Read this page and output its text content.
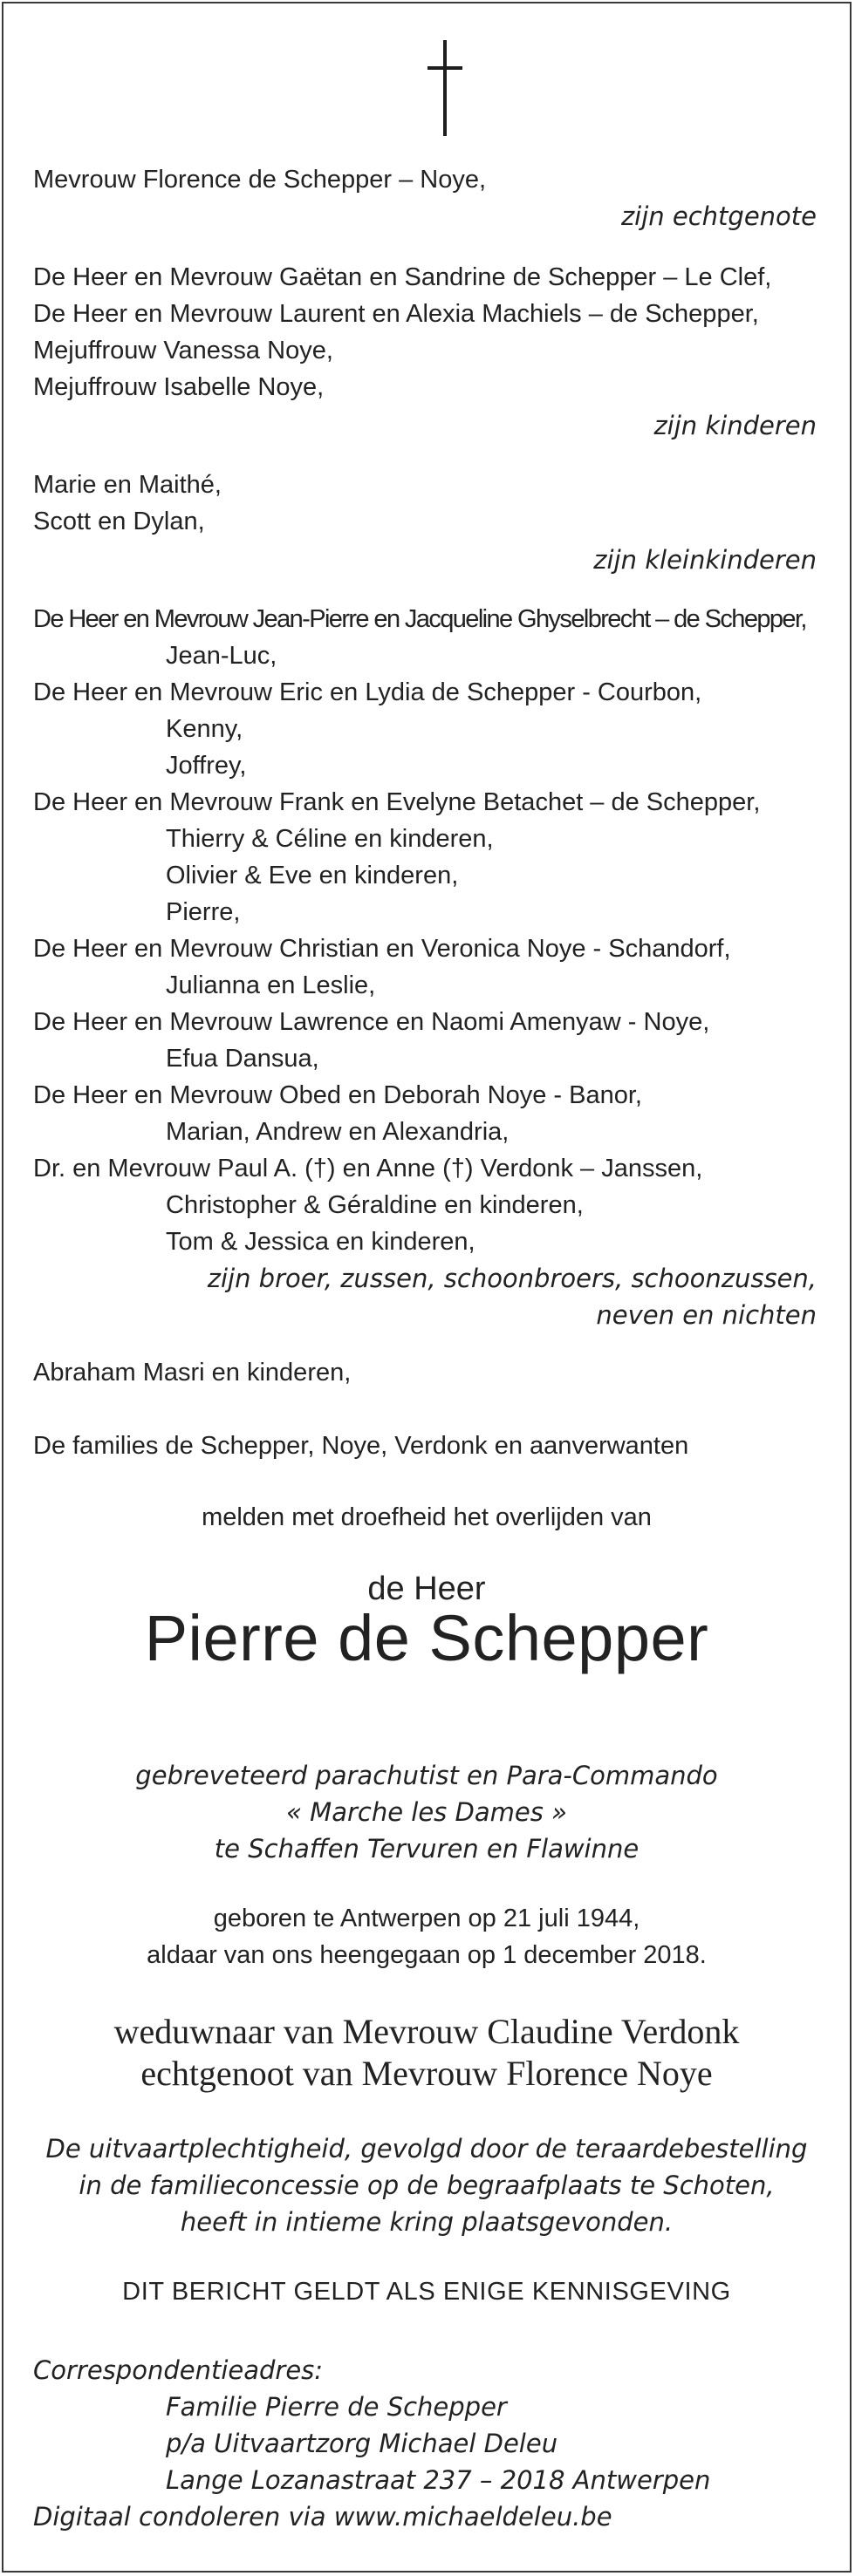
Mevrouw Florence de Schepper – Noye,
zijn echtgenote
De Heer en Mevrouw Gaëtan en Sandrine de Schepper – Le Clef,
De Heer en Mevrouw Laurent en Alexia Machiels – de Schepper,
Mejuffrouw Vanessa Noye,
Mejuffrouw Isabelle Noye,
zijn kinderen
Marie en Maithé,
Scott en Dylan,
zijn kleinkinderen
De Heer en Mevrouw Jean-Pierre en Jacqueline Ghyselbrecht – de Schepper,
Jean-Luc,
De Heer en Mevrouw Eric en Lydia de Schepper - Courbon,
Kenny,
Joffrey,
De Heer en Mevrouw Frank en Evelyne Betachet – de Schepper,
Thierry & Céline en kinderen,
Olivier & Eve en kinderen,
Pierre,
De Heer en Mevrouw Christian en Veronica Noye - Schandorf,
Julianna en Leslie,
De Heer en Mevrouw Lawrence en Naomi Amenyaw - Noye,
Efua Dansua,
De Heer en Mevrouw Obed en Deborah Noye - Banor,
Marian, Andrew en Alexandria,
Dr. en Mevrouw Paul A. (†) en Anne (†) Verdonk – Janssen,
Christopher & Géraldine en kinderen,
Tom & Jessica en kinderen,
zijn broer, zussen, schoonbroers, schoonzussen,
neven en nichten
Abraham Masri en kinderen,
De families de Schepper, Noye, Verdonk en aanverwanten
melden met droefheid het overlijden van
de Heer
Pierre de Schepper
gebreveteerd parachutist en Para-Commando
« Marche les Dames »
te Schaffen Tervuren en Flawinne
geboren te Antwerpen op 21 juli 1944,
aldaar van ons heengegaan op 1 december 2018.
weduwnaar van Mevrouw Claudine Verdonk
echtgenoot van Mevrouw Florence Noye
De uitvaartplechtigheid, gevolgd door de teraardebestelling
in de familieconcessie op de begraafplaats te Schoten,
heeft in intieme kring plaatsgevonden.
DIT BERICHT GELDT ALS ENIGE KENNISGEVING
Correspondentieadres:
Familie Pierre de Schepper
p/a Uitvaartzorg Michael Deleu
Lange Lozanastraat 237 – 2018 Antwerpen
Digitaal condoleren via www.michaeldeleu.be
